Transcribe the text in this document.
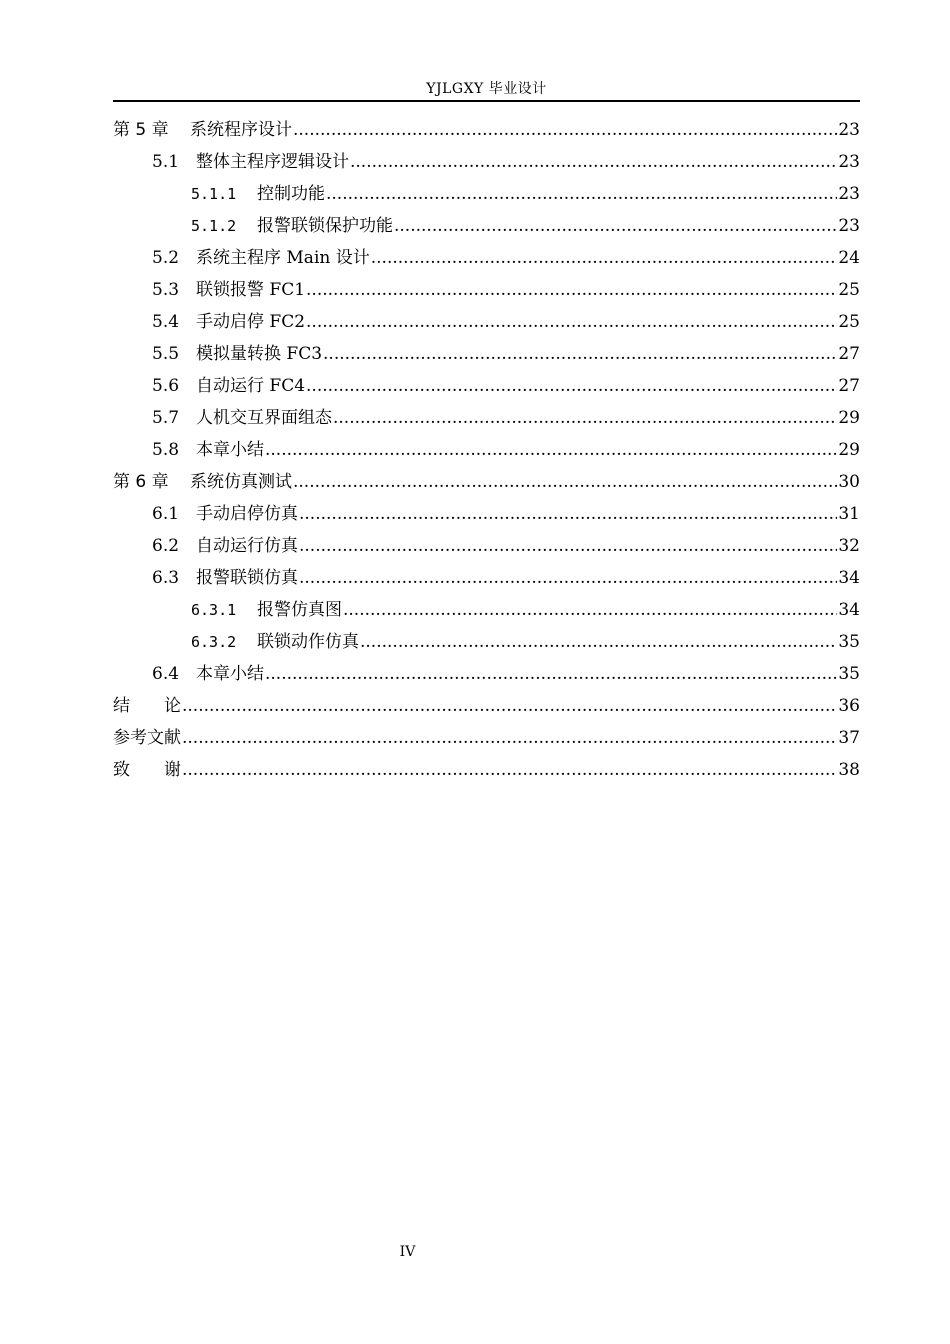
YJLGXY 毕业设计
第 5 章	系统程序设计 .....	23
5.1 整体主程序逻辑设计 .....	23
5.1.1	控制功能 .....	23
5.1.2	报警联锁保护功能 .....	23
5.2 系统主程序 Main 设计 .....	24
5.3 联锁报警 FC1 .....	25
5.4 手动启停 FC2 .....	25
5.5 模拟量转换 FC3 .....	27
5.6 自动运行 FC4 .....	27
5.7 人机交互界面组态 .....	29
5.8 本章小结 .....	29
第 6 章	系统仿真测试 .....	30
6.1 手动启停仿真 .....	31
6.2 自动运行仿真 .....	32
6.3 报警联锁仿真 .....	34
6.3.1	报警仿真图 .....	34
6.3.2	联锁动作仿真 .....	35
6.4 本章小结 .....	35
结　　论 .....	36
参考文献 .....	37
致　　谢 .....	38
IV
